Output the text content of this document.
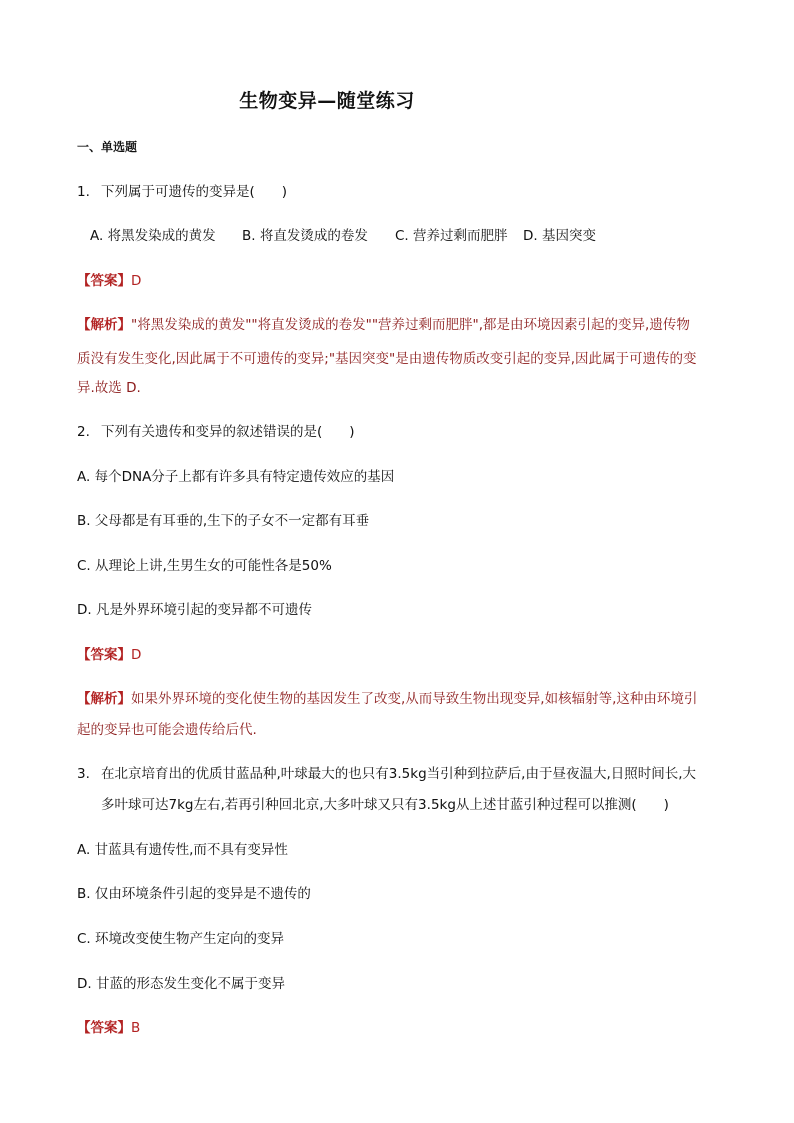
生物变异—随堂练习
一、单选题
1. 下列属于可遗传的变异是(　　)
A. 将黑发染成的黄发 B. 将直发烫成的卷发 C. 营养过剩而肥胖 D. 基因突变
【答案】D
【解析】"将黑发染成的黄发""将直发烫成的卷发""营养过剩而肥胖",都是由环境因素引起的变异,遗传物
质没有发生变化,因此属于不可遗传的变异;"基因突变"是由遗传物质改变引起的变异,因此属于可遗传的变
异.故选 D.
2. 下列有关遗传和变异的叙述错误的是(　　)
A. 每个DNA分子上都有许多具有特定遗传效应的基因
B. 父母都是有耳垂的,生下的子女不一定都有耳垂
C. 从理论上讲,生男生女的可能性各是50%
D. 凡是外界环境引起的变异都不可遗传
【答案】D
【解析】如果外界环境的变化使生物的基因发生了改变,从而导致生物出现变异,如核辐射等,这种由环境引
起的变异也可能会遗传给后代.
3. 在北京培育出的优质甘蓝品种,叶球最大的也只有3.5kg当引种到拉萨后,由于昼夜温大,日照时间长,大
多叶球可达7kg左右,若再引种回北京,大多叶球又只有3.5kg从上述甘蓝引种过程可以推测(　　)
A. 甘蓝具有遗传性,而不具有变异性
B. 仅由环境条件引起的变异是不遗传的
C. 环境改变使生物产生定向的变异
D. 甘蓝的形态发生变化不属于变异
【答案】B
